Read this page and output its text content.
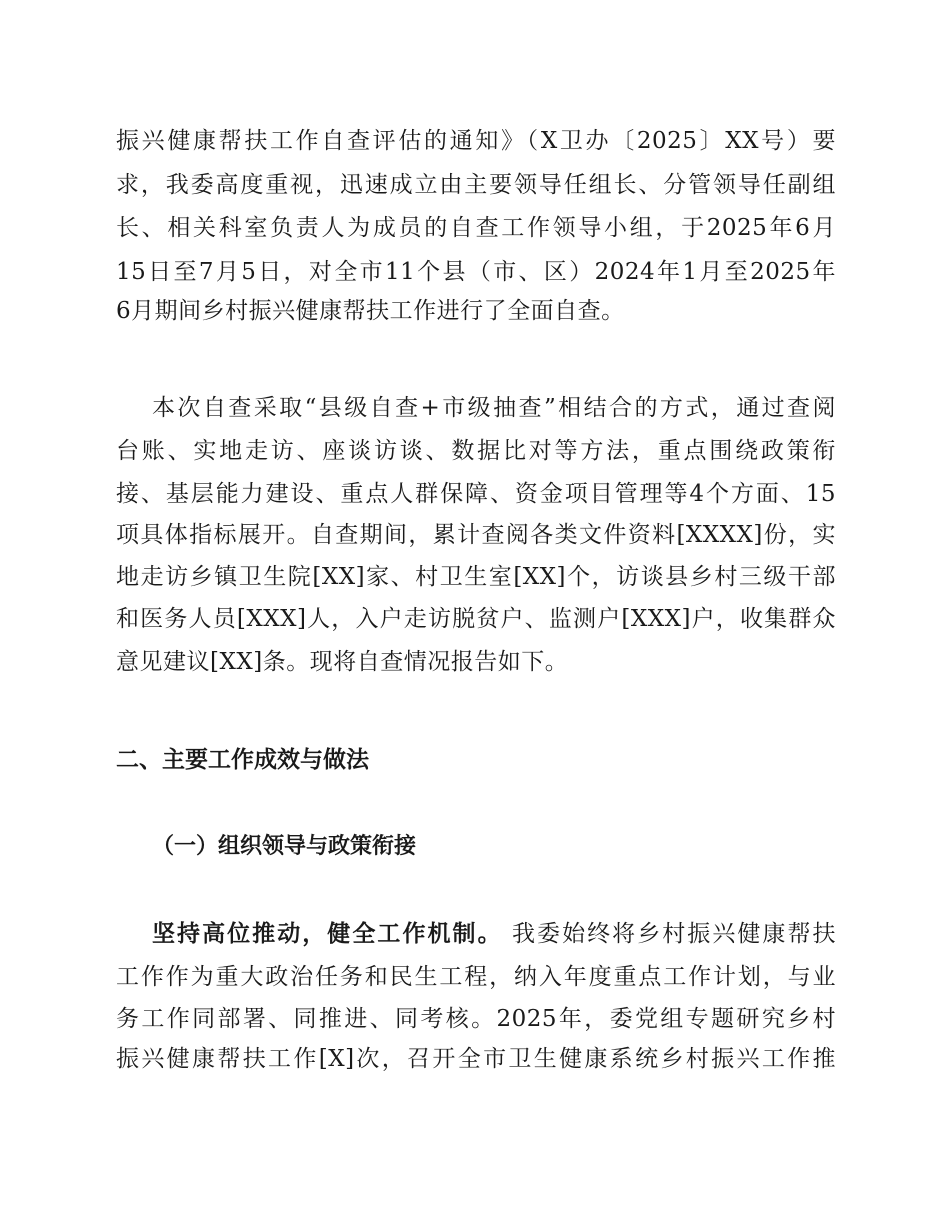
振兴健康帮扶工作自查评估的通知》（X卫办〔2025〕XX号）要
求，我委高度重视，迅速成立由主要领导任组长、分管领导任副组
长、相关科室负责人为成员的自查工作领导小组，于2025年6月
15日至7月5日，对全市11个县（市、区）2024年1月至2025年
6月期间乡村振兴健康帮扶工作进行了全面自查。
本次自查采取“县级自查+市级抽查”相结合的方式，通过查阅
台账、实地走访、座谈访谈、数据比对等方法，重点围绕政策衔
接、基层能力建设、重点人群保障、资金项目管理等4个方面、15
项具体指标展开。自查期间，累计查阅各类文件资料[XXXX]份，实
地走访乡镇卫生院[XX]家、村卫生室[XX]个，访谈县乡村三级干部
和医务人员[XXX]人，入户走访脱贫户、监测户[XXX]户，收集群众
意见建议[XX]条。现将自查情况报告如下。
二、主要工作成效与做法
（一）组织领导与政策衔接
坚持高位推动，健全工作机制。 我委始终将乡村振兴健康帮扶
工作作为重大政治任务和民生工程，纳入年度重点工作计划，与业
务工作同部署、同推进、同考核。2025年，委党组专题研究乡村
振兴健康帮扶工作[X]次，召开全市卫生健康系统乡村振兴工作推
